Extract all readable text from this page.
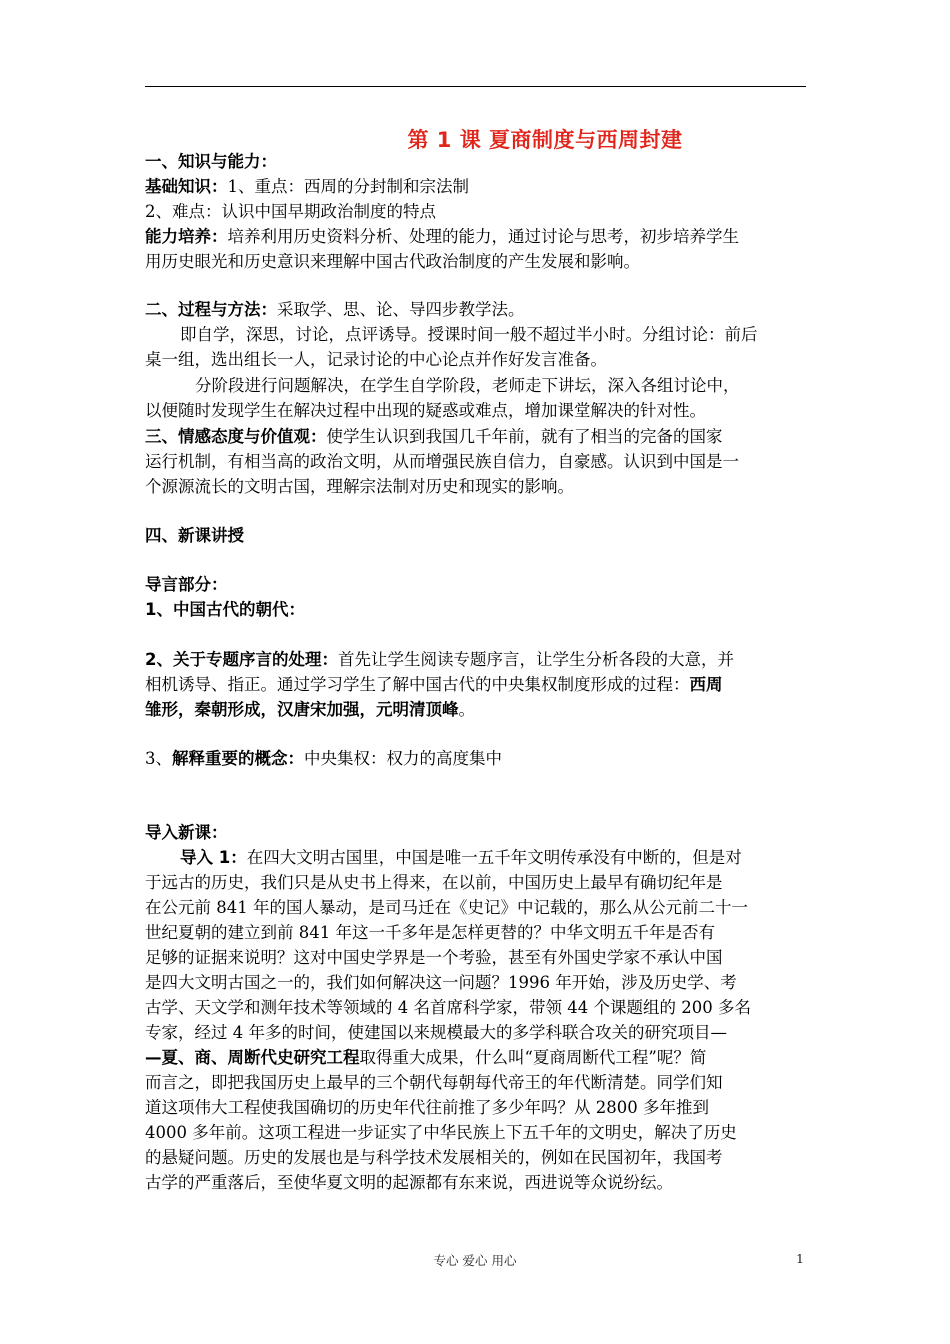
第 1 课 夏商制度与西周封建
一、知识与能力：
基础知识：1、重点：西周的分封制和宗法制
2、难点：认识中国早期政治制度的特点
能力培养：培养利用历史资料分析、处理的能力，通过讨论与思考，初步培养学生
用历史眼光和历史意识来理解中国古代政治制度的产生发展和影响。
二、过程与方法：采取学、思、论、导四步教学法。
即自学，深思，讨论，点评诱导。授课时间一般不超过半小时。分组讨论：前后
桌一组，选出组长一人，记录讨论的中心论点并作好发言准备。
分阶段进行问题解决，在学生自学阶段，老师走下讲坛，深入各组讨论中，
以便随时发现学生在解决过程中出现的疑惑或难点，增加课堂解决的针对性。
三、情感态度与价值观：使学生认识到我国几千年前，就有了相当的完备的国家
运行机制，有相当高的政治文明，从而增强民族自信力，自豪感。认识到中国是一
个源源流长的文明古国，理解宗法制对历史和现实的影响。
四、新课讲授
导言部分：
1、中国古代的朝代：
2、关于专题序言的处理：首先让学生阅读专题序言，让学生分析各段的大意，并
相机诱导、指正。通过学习学生了解中国古代的中央集权制度形成的过程：西周
雏形，秦朝形成，汉唐宋加强，元明清顶峰。
3、解释重要的概念：中央集权：权力的高度集中
导入新课：
导入 1：在四大文明古国里，中国是唯一五千年文明传承没有中断的，但是对
于远古的历史，我们只是从史书上得来，在以前，中国历史上最早有确切纪年是
在公元前 841 年的国人暴动，是司马迁在《史记》中记载的，那么从公元前二十一
世纪夏朝的建立到前 841 年这一千多年是怎样更替的？中华文明五千年是否有
足够的证据来说明？这对中国史学界是一个考验，甚至有外国史学家不承认中国
是四大文明古国之一的，我们如何解决这一问题？1996 年开始，涉及历史学、考
古学、天文学和测年技术等领域的 4 名首席科学家，带领 44 个课题组的 200 多名
专家，经过 4 年多的时间，使建国以来规模最大的多学科联合攻关的研究项目—
—夏、商、周断代史研究工程取得重大成果，什么叫“夏商周断代工程”呢？简
而言之，即把我国历史上最早的三个朝代每朝每代帝王的年代断清楚。同学们知
道这项伟大工程使我国确切的历史年代往前推了多少年吗？从 2800 多年推到
4000 多年前。这项工程进一步证实了中华民族上下五千年的文明史，解决了历史
的悬疑问题。历史的发展也是与科学技术发展相关的，例如在民国初年，我国考
古学的严重落后，至使华夏文明的起源都有东来说，西进说等众说纷纭。
专心 爱心 用心	1
